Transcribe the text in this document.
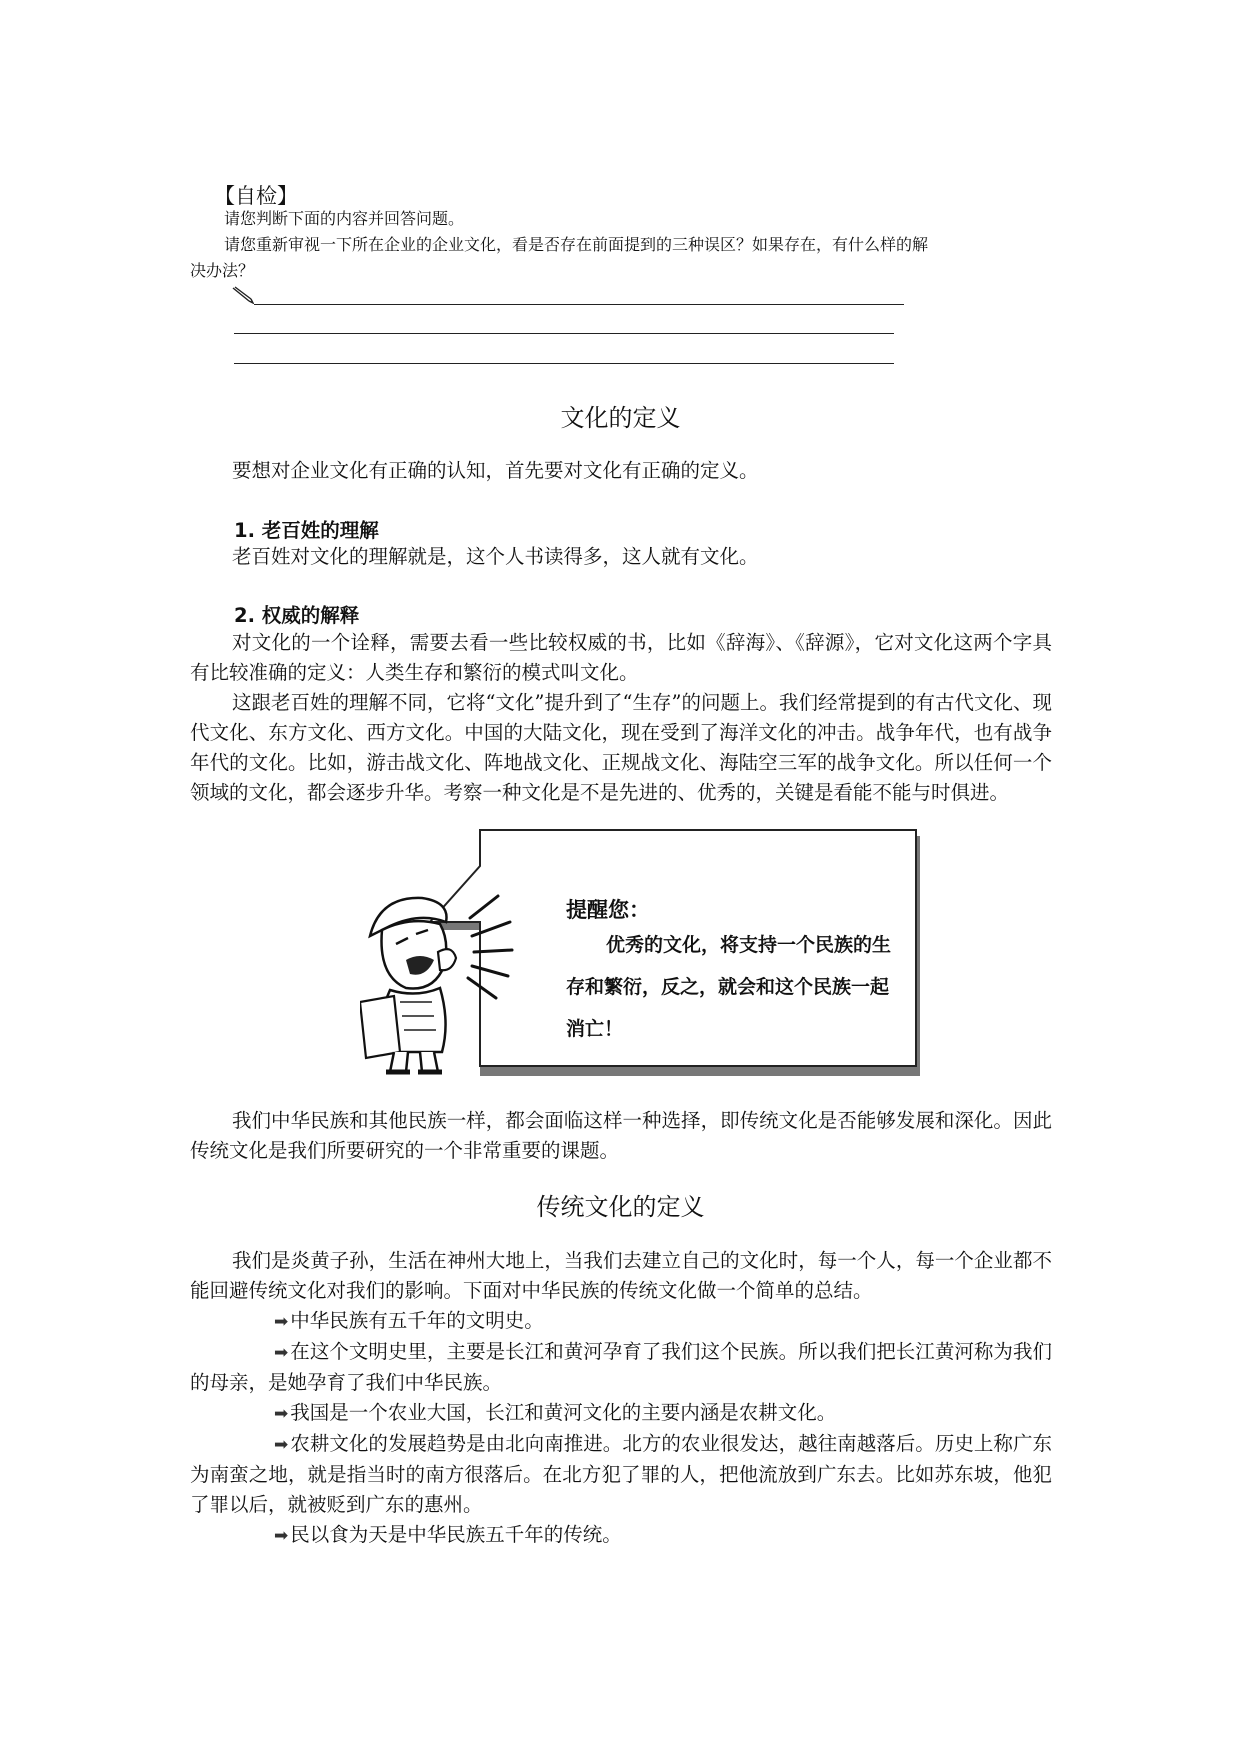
【自检】
请您判断下面的内容并回答问题。
请您重新审视一下所在企业的企业文化，看是否存在前面提到的三种误区？如果存在，有什么样的解
决办法？
文化的定义
要想对企业文化有正确的认知，首先要对文化有正确的定义。
1. 老百姓的理解
老百姓对文化的理解就是，这个人书读得多，这人就有文化。
2. 权威的解释
对文化的一个诠释，需要去看一些比较权威的书，比如《辞海》、《辞源》，它对文化这两个字具有比较准确的定义：人类生存和繁衍的模式叫文化。
这跟老百姓的理解不同，它将“文化”提升到了“生存”的问题上。我们经常提到的有古代文化、现代文化、东方文化、西方文化。中国的大陆文化，现在受到了海洋文化的冲击。战争年代，也有战争年代的文化。比如，游击战文化、阵地战文化、正规战文化、海陆空三军的战争文化。所以任何一个领域的文化，都会逐步升华。考察一种文化是不是先进的、优秀的，关键是看能不能与时俱进。
提醒您：
优秀的文化，将支持一个民族的生存和繁衍，反之，就会和这个民族一起消亡！
我们中华民族和其他民族一样，都会面临这样一种选择，即传统文化是否能够发展和深化。因此传统文化是我们所要研究的一个非常重要的课题。
传统文化的定义
我们是炎黄子孙，生活在神州大地上，当我们去建立自己的文化时，每一个人，每一个企业都不能回避传统文化对我们的影响。下面对中华民族的传统文化做一个简单的总结。
➡ 中华民族有五千年的文明史。
➡ 在这个文明史里，主要是长江和黄河孕育了我们这个民族。所以我们把长江黄河称为我们的母亲，是她孕育了我们中华民族。
➡ 我国是一个农业大国，长江和黄河文化的主要内涵是农耕文化。
➡ 农耕文化的发展趋势是由北向南推进。北方的农业很发达，越往南越落后。历史上称广东为南蛮之地，就是指当时的南方很落后。在北方犯了罪的人，把他流放到广东去。比如苏东坡，他犯了罪以后，就被贬到广东的惠州。
➡ 民以食为天是中华民族五千年的传统。
